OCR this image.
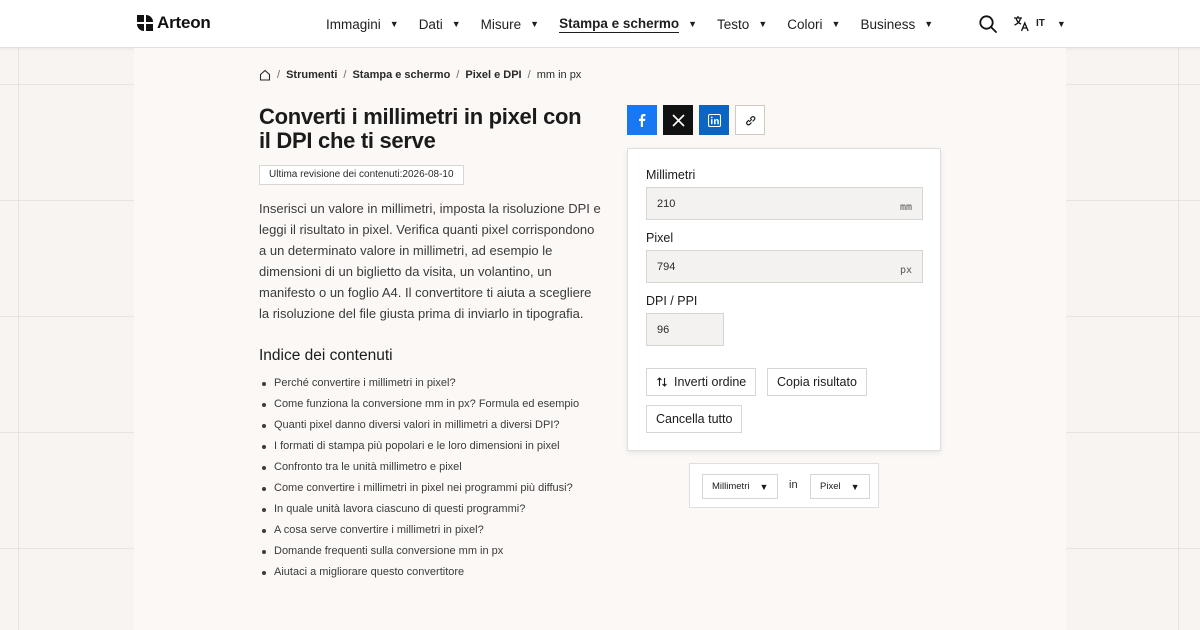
Arteon	Immagini ▼ Dati ▼ Misure ▼ Stampa e schermo ▼ Testo ▼ Colori ▼ Business ▼	IT ▼
/ Strumenti / Stampa e schermo / Pixel e DPI / mm in px
Converti i millimetri in pixel con il DPI che ti serve
Ultima revisione dei contenuti:2026-08-10

Inserisci un valore in millimetri, imposta la risoluzione DPI e leggi il risultato in pixel. Verifica quanti pixel corrispondono a un determinato valore in millimetri, ad esempio le dimensioni di un biglietto da visita, un volantino, un manifesto o un foglio A4. Il convertitore ti aiuta a scegliere la risoluzione del file giusta prima di inviarlo in tipografia.

Indice dei contenuti
Perché convertire i millimetri in pixel?
Come funziona la conversione mm in px? Formula ed esempio
Quanti pixel danno diversi valori in millimetri a diversi DPI?
I formati di stampa più popolari e le loro dimensioni in pixel
Confronto tra le unità millimetro e pixel
Come convertire i millimetri in pixel nei programmi più diffusi?
In quale unità lavora ciascuno di questi programmi?
A cosa serve convertire i millimetri in pixel?
Domande frequenti sulla conversione mm in px
Aiutaci a migliorare questo convertitore
Millimetri
210	mm
Pixel
794	px
DPI / PPI
96
Inverti ordine Copia risultato
Cancella tutto
Millimetri ▼ in Pixel ▼
